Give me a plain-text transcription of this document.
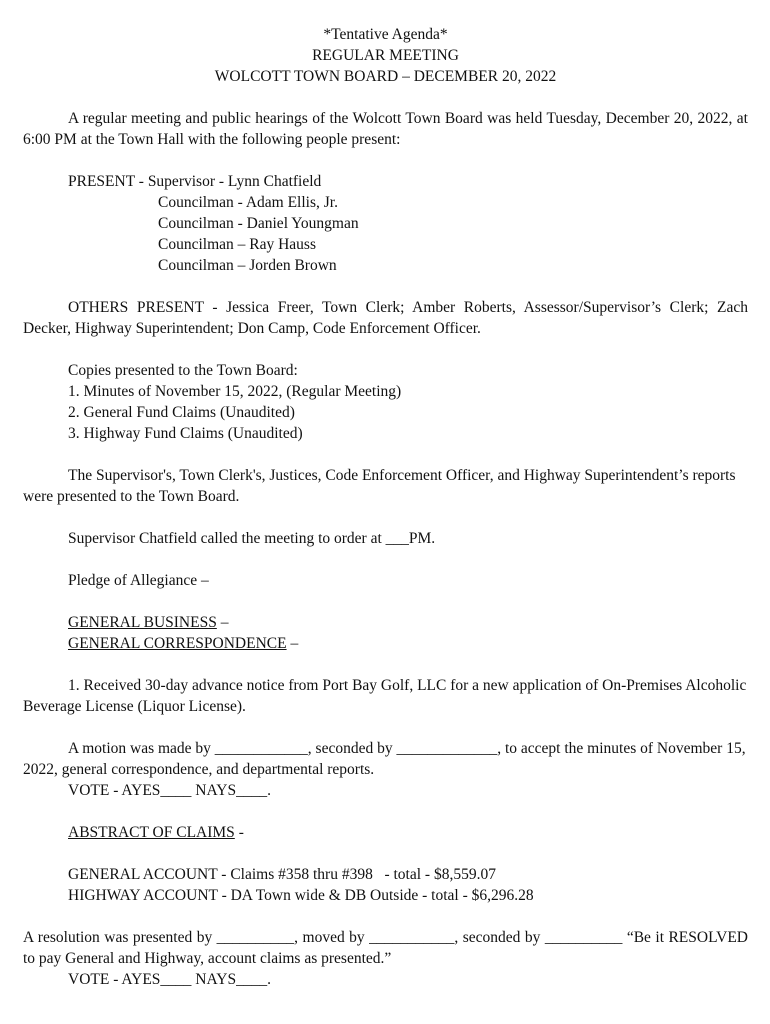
*Tentative Agenda*
REGULAR MEETING
WOLCOTT TOWN BOARD – DECEMBER 20, 2022

A regular meeting and public hearings of the Wolcott Town Board was held Tuesday, December 20, 2022, at 6:00 PM at the Town Hall with the following people present:

PRESENT - Supervisor - Lynn Chatfield
Councilman - Adam Ellis, Jr.
Councilman - Daniel Youngman
Councilman – Ray Hauss
Councilman – Jorden Brown

OTHERS PRESENT - Jessica Freer, Town Clerk; Amber Roberts, Assessor/Supervisor’s Clerk; Zach Decker, Highway Superintendent; Don Camp, Code Enforcement Officer.

Copies presented to the Town Board:
1. Minutes of November 15, 2022, (Regular Meeting)
2. General Fund Claims (Unaudited)
3. Highway Fund Claims (Unaudited)

The Supervisor's, Town Clerk's, Justices, Code Enforcement Officer, and Highway Superintendent’s reports were presented to the Town Board.

Supervisor Chatfield called the meeting to order at ___PM.

Pledge of Allegiance –

GENERAL BUSINESS –
GENERAL CORRESPONDENCE –

1. Received 30-day advance notice from Port Bay Golf, LLC for a new application of On-Premises Alcoholic Beverage License (Liquor License).

A motion was made by ____________, seconded by _____________, to accept the minutes of November 15, 2022, general correspondence, and departmental reports.

VOTE - AYES____ NAYS____.
ABSTRACT OF CLAIMS -
GENERAL ACCOUNT - Claims #358 thru #398   - total - $8,559.07
HIGHWAY ACCOUNT - DA Town wide & DB Outside - total - $6,296.28

A resolution was presented by __________, moved by ___________, seconded by __________ “Be it RESOLVED to pay General and Highway, account claims as presented.”

VOTE - AYES____ NAYS____.
